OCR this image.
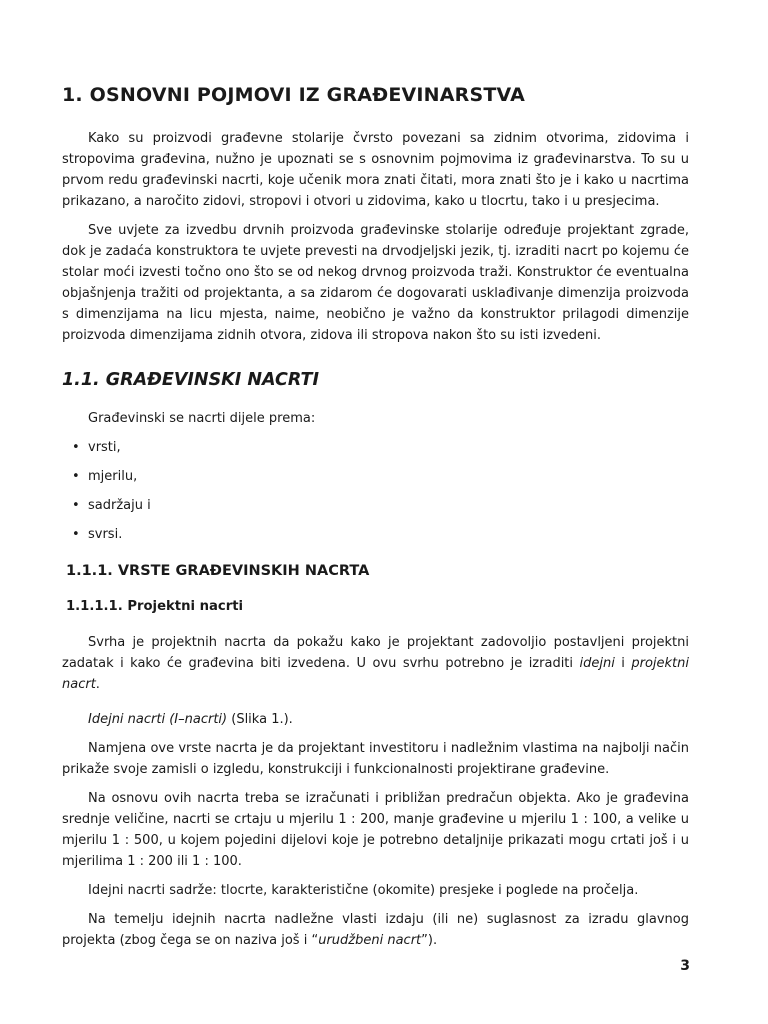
1. OSNOVNI POJMOVI IZ GRAĐEVINARSTVA

Kako su proizvodi građevne stolarije čvrsto povezani sa zidnim otvorima, zidovima i stropovima građevina, nužno je upoznati se s osnovnim pojmovima iz građevinarstva. To su u prvom redu građevinski nacrti, koje učenik mora znati čitati, mora znati što je i kako u nacrtima prikazano, a naročito zidovi, stropovi i otvori u zidovima, kako u tlocrtu, tako i u presjecima.

Sve uvjete za izvedbu drvnih proizvoda građevinske stolarije određuje projektant zgrade, dok je zadaća konstruktora te uvjete prevesti na drvodjeljski jezik, tj. izraditi nacrt po kojemu će stolar moći izvesti točno ono što se od nekog drvnog proizvoda traži. Konstruktor će eventualna objašnjenja tražiti od projektanta, a sa zidarom će dogovarati usklađivanje dimenzija proizvoda s dimenzijama na licu mjesta, naime, neobično je važno da konstruktor prilagodi dimenzije proizvoda dimenzijama zidnih otvora, zidova ili stropova nakon što su isti izvedeni.

1.1. GRAĐEVINSKI NACRTI

Građevinski se nacrti dijele prema:

• vrsti,
• mjerilu,
• sadržaju i
• svrsi.
1.1.1. VRSTE GRAĐEVINSKIH NACRTA
1.1.1.1. Projektni nacrti

Svrha je projektnih nacrta da pokažu kako je projektant zadovoljio postavljeni projektni zadatak i kako će građevina biti izvedena. U ovu svrhu potrebno je izraditi idejni i projektni nacrt.

Idejni nacrti (I–nacrti) (Slika 1.).

Namjena ove vrste nacrta je da projektant investitoru i nadležnim vlastima na najbolji način prikaže svoje zamisli o izgledu, konstrukciji i funkcionalnosti projektirane građevine.

Na osnovu ovih nacrta treba se izračunati i približan predračun objekta. Ako je građevina srednje veličine, nacrti se crtaju u mjerilu 1 : 200, manje građevine u mjerilu 1 : 100, a velike u mjerilu 1 : 500, u kojem pojedini dijelovi koje je potrebno detaljnije prikazati mogu crtati još i u mjerilima 1 : 200 ili 1 : 100.

Idejni nacrti sadrže: tlocrte, karakteristične (okomite) presjeke i poglede na pročelja.

Na temelju idejnih nacrta nadležne vlasti izdaju (ili ne) suglasnost za izradu glavnog projekta (zbog čega se on naziva još i “urudžbeni nacrt”).

3
